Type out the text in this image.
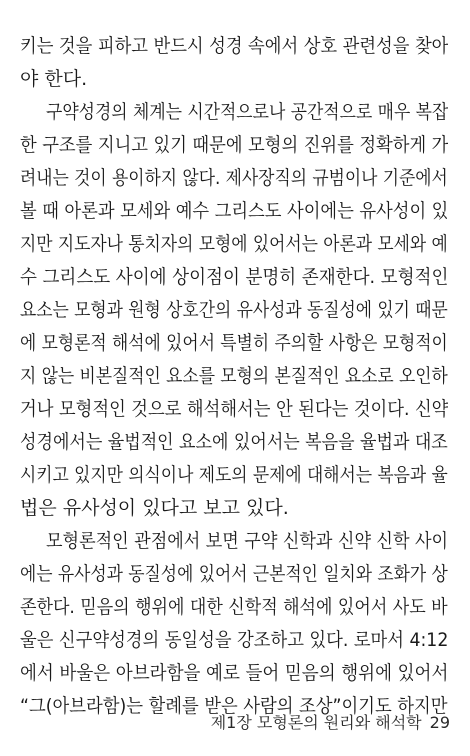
키는 것을 피하고 반드시 성경 속에서 상호 관련성을 찾아
야 한다.
구약성경의 체계는 시간적으로나 공간적으로 매우 복잡
한 구조를 지니고 있기 때문에 모형의 진위를 정확하게 가
려내는 것이 용이하지 않다. 제사장직의 규범이나 기준에서
볼 때 아론과 모세와 예수 그리스도 사이에는 유사성이 있
지만 지도자나 통치자의 모형에 있어서는 아론과 모세와 예
수 그리스도 사이에 상이점이 분명히 존재한다. 모형적인
요소는 모형과 원형 상호간의 유사성과 동질성에 있기 때문
에 모형론적 해석에 있어서 특별히 주의할 사항은 모형적이
지 않는 비본질적인 요소를 모형의 본질적인 요소로 오인하
거나 모형적인 것으로 해석해서는 안 된다는 것이다. 신약
성경에서는 율법적인 요소에 있어서는 복음을 율법과 대조
시키고 있지만 의식이나 제도의 문제에 대해서는 복음과 율
법은 유사성이 있다고 보고 있다.
모형론적인 관점에서 보면 구약 신학과 신약 신학 사이
에는 유사성과 동질성에 있어서 근본적인 일치와 조화가 상
존한다. 믿음의 행위에 대한 신학적 해석에 있어서 사도 바
울은 신구약성경의 동일성을 강조하고 있다. 로마서 4:12
에서 바울은 아브라함을 예로 들어 믿음의 행위에 있어서
“그(아브라함)는 할례를 받은 사람의 조상”이기도 하지만
제1장 모형론의 원리와 해석학 29
